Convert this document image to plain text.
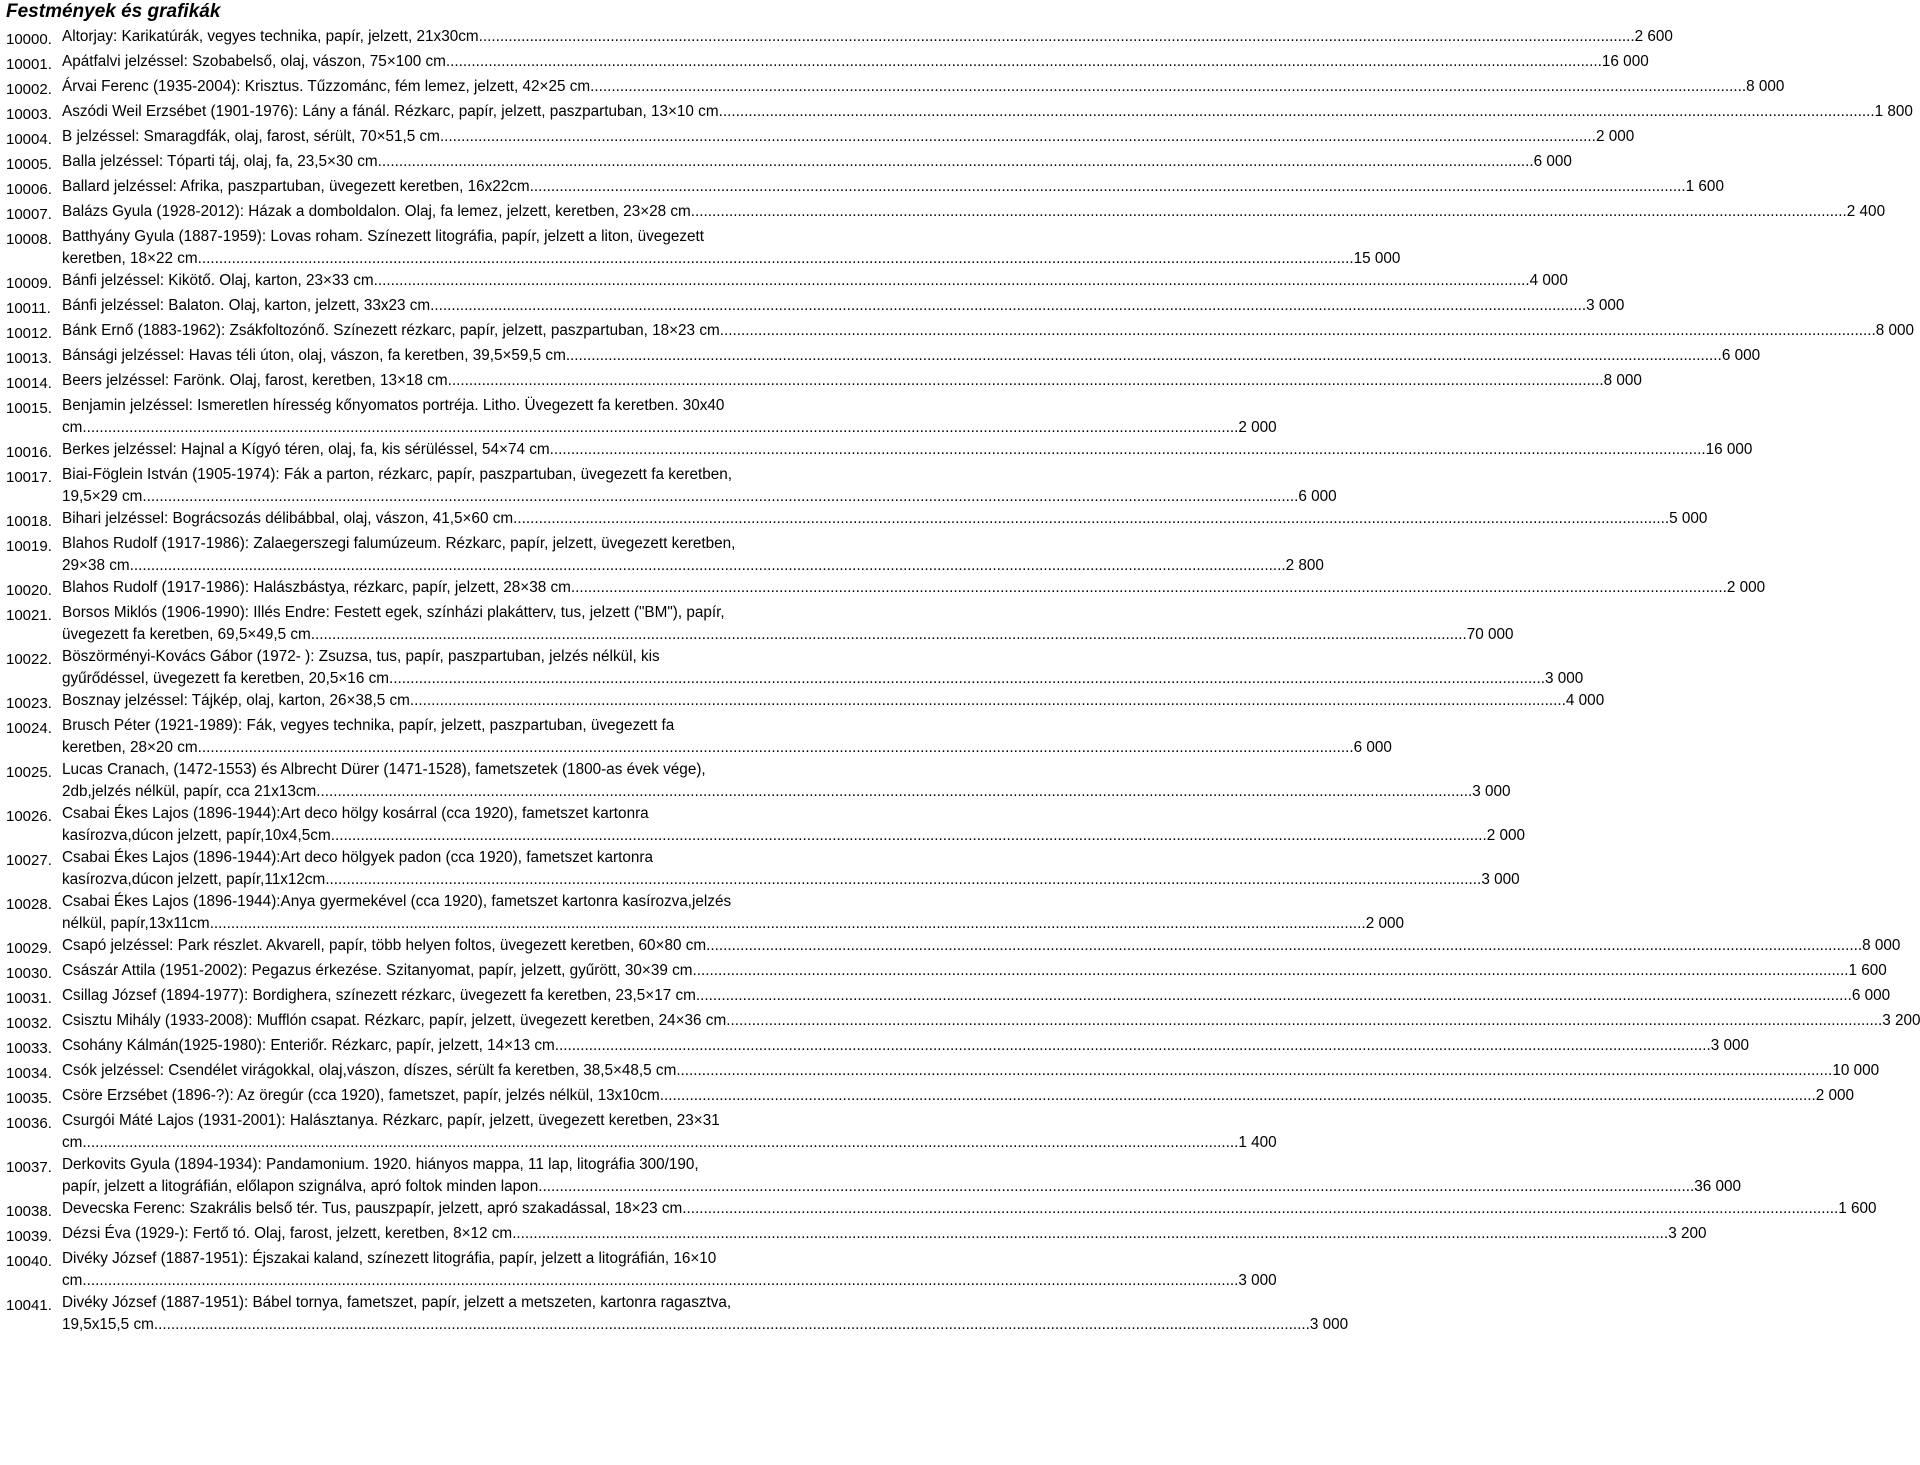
Festmények és grafikák
10000. Altorjay: Karikatúrák, vegyes technika, papír, jelzett, 21x30cm .....	2 600
10001. Apátfalvi jelzéssel: Szobabelső, olaj, vászon, 75×100 cm .....	16 000
10002. Árvai Ferenc (1935-2004): Krisztus. Tűzzománc, fém lemez, jelzett, 42×25 cm .....	8 000
10003. Aszódi Weil Erzsébet (1901-1976): Lány a fánál. Rézkarc, papír, jelzett, paszpartuban, 13×10 cm .....	1 800
10004. B jelzéssel: Smaragdfák, olaj, farost, sérült, 70×51,5 cm .....	2 000
10005. Balla jelzéssel: Tóparti táj, olaj, fa, 23,5×30 cm .....	6 000
10006. Ballard jelzéssel: Afrika, paszpartuban, üvegezett keretben, 16x22cm .....	1 600
10007. Balázs Gyula (1928-2012): Házak a domboldalon. Olaj, fa lemez, jelzett, keretben, 23×28 cm .....	2 400
10008. Batthyány Gyula (1887-1959): Lovas roham. Színezett litográfia, papír, jelzett a liton, üvegezett
keretben, 18×22 cm .....	15 000
10009. Bánfi jelzéssel: Kikötő. Olaj, karton, 23×33 cm .....	4 000
10011. Bánfi jelzéssel: Balaton. Olaj, karton, jelzett, 33x23 cm .....	3 000
10012. Bánk Ernő (1883-1962): Zsákfoltozónő. Színezett rézkarc, papír, jelzett, paszpartuban, 18×23 cm .....	8 000
10013. Bánsági jelzéssel: Havas téli úton, olaj, vászon, fa keretben, 39,5×59,5 cm .....	6 000
10014. Beers jelzéssel: Farönk. Olaj, farost, keretben, 13×18 cm .....	8 000
10015. Benjamin jelzéssel: Ismeretlen híresség kőnyomatos portréja. Litho. Üvegezett fa keretben. 30x40
cm .....	2 000
10016. Berkes jelzéssel: Hajnal a Kígyó téren, olaj, fa, kis sérüléssel, 54×74 cm .....	16 000
10017. Biai-Föglein István (1905-1974): Fák a parton, rézkarc, papír, paszpartuban, üvegezett fa keretben,
19,5×29 cm .....	6 000
10018. Bihari jelzéssel: Bográcsozás délibábbal, olaj, vászon, 41,5×60 cm .....	5 000
10019. Blahos Rudolf (1917-1986): Zalaegerszegi falumúzeum. Rézkarc, papír, jelzett, üvegezett keretben,
29×38 cm .....	2 800
10020. Blahos Rudolf (1917-1986): Halászbástya, rézkarc, papír, jelzett, 28×38 cm .....	2 000
10021. Borsos Miklós (1906-1990): Illés Endre: Festett egek, színházi plakátterv, tus, jelzett ("BM"), papír,
üvegezett fa keretben, 69,5×49,5 cm .....	70 000
10022. Böszörményi-Kovács Gábor (1972- ): Zsuzsa, tus, papír, paszpartuban, jelzés nélkül, kis
gyűrődéssel, üvegezett fa keretben, 20,5×16 cm .....	3 000
10023. Bosznay jelzéssel: Tájkép, olaj, karton, 26×38,5 cm .....	4 000
10024. Brusch Péter (1921-1989): Fák, vegyes technika, papír, jelzett, paszpartuban, üvegezett fa
keretben, 28×20 cm .....	6 000
10025. Lucas Cranach, (1472-1553) és Albrecht Dürer (1471-1528), fametszetek (1800-as évek vége),
2db,jelzés nélkül, papír, cca 21x13cm .....	3 000
10026. Csabai Ékes Lajos (1896-1944):Art deco hölgy kosárral (cca 1920), fametszet kartonra
kasírozva,dúcon jelzett, papír,10x4,5cm .....	2 000
10027. Csabai Ékes Lajos (1896-1944):Art deco hölgyek padon (cca 1920), fametszet kartonra
kasírozva,dúcon jelzett, papír,11x12cm .....	3 000
10028. Csabai Ékes Lajos (1896-1944):Anya gyermekével (cca 1920), fametszet kartonra kasírozva,jelzés
nélkül, papír,13x11cm .....	2 000
10029. Csapó jelzéssel: Park részlet. Akvarell, papír, több helyen foltos, üvegezett keretben, 60×80 cm .....	8 000
10030. Császár Attila (1951-2002): Pegazus érkezése. Szitanyomat, papír, jelzett, gyűrött, 30×39 cm .....	1 600
10031. Csillag József (1894-1977): Bordighera, színezett rézkarc, üvegezett fa keretben, 23,5×17 cm .....	6 000
10032. Csisztu Mihály (1933-2008): Mufflón csapat. Rézkarc, papír, jelzett, üvegezett keretben, 24×36 cm .....	3 200
10033. Csohány Kálmán(1925-1980): Enteriőr. Rézkarc, papír, jelzett, 14×13 cm .....	3 000
10034. Csók jelzéssel: Csendélet virágokkal, olaj,vászon, díszes, sérült fa keretben, 38,5×48,5 cm .....	10 000
10035. Csöre Erzsébet (1896-?): Az öregúr (cca 1920), fametszet, papír, jelzés nélkül, 13x10cm .....	2 000
10036. Csurgói Máté Lajos (1931-2001): Halásztanya. Rézkarc, papír, jelzett, üvegezett keretben, 23×31
cm .....	1 400
10037. Derkovits Gyula (1894-1934): Pandamonium. 1920. hiányos mappa, 11 lap, litográfia 300/190,
papír, jelzett a litográfián, előlapon szignálva, apró foltok minden lapon .....	36 000
10038. Devecska Ferenc: Szakrális belső tér. Tus, pauszpapír, jelzett, apró szakadással, 18×23 cm .....	1 600
10039. Dézsi Éva (1929-): Fertő tó. Olaj, farost, jelzett, keretben, 8×12 cm .....	3 200
10040. Divéky József (1887-1951): Éjszakai kaland, színezett litográfia, papír, jelzett a litográfián, 16×10
cm .....	3 000
10041. Divéky József (1887-1951): Bábel tornya, fametszet, papír, jelzett a metszeten, kartonra ragasztva,
19,5x15,5 cm .....	3 000
